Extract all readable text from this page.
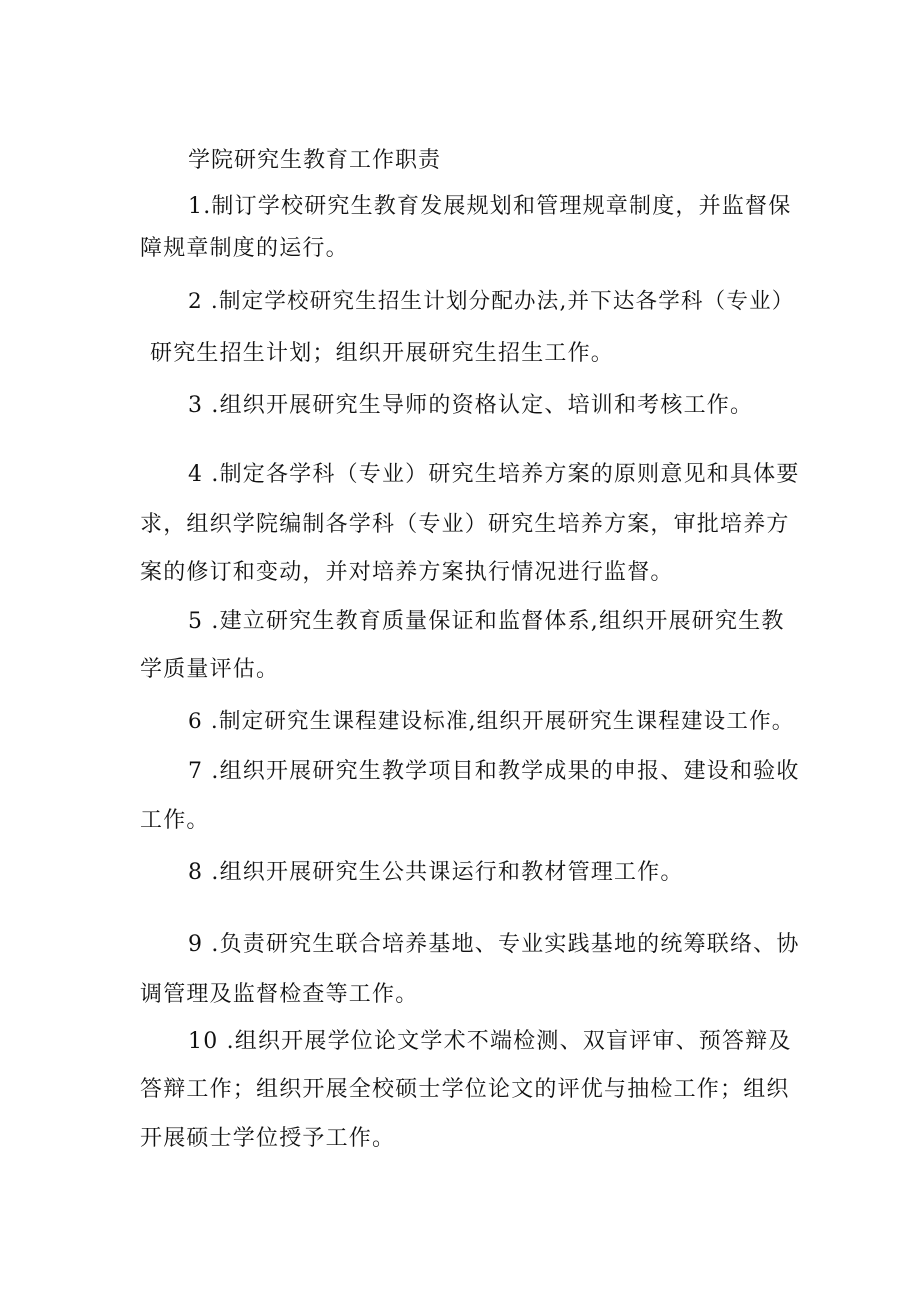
学院研究生教育工作职责
1.制订学校研究生教育发展规划和管理规章制度，并监督保
障规章制度的运行。
2 .制定学校研究生招生计划分配办法,并下达各学科（专业）
研究生招生计划；组织开展研究生招生工作。
3 .组织开展研究生导师的资格认定、培训和考核工作。
4 .制定各学科（专业）研究生培养方案的原则意见和具体要
求，组织学院编制各学科（专业）研究生培养方案，审批培养方
案的修订和变动，并对培养方案执行情况进行监督。
5 .建立研究生教育质量保证和监督体系,组织开展研究生教
学质量评估。
6 .制定研究生课程建设标准,组织开展研究生课程建设工作。
7 .组织开展研究生教学项目和教学成果的申报、建设和验收
工作。
8 .组织开展研究生公共课运行和教材管理工作。
9 .负责研究生联合培养基地、专业实践基地的统筹联络、协
调管理及监督检查等工作。
10 .组织开展学位论文学术不端检测、双盲评审、预答辩及
答辩工作；组织开展全校硕士学位论文的评优与抽检工作；组织
开展硕士学位授予工作。
